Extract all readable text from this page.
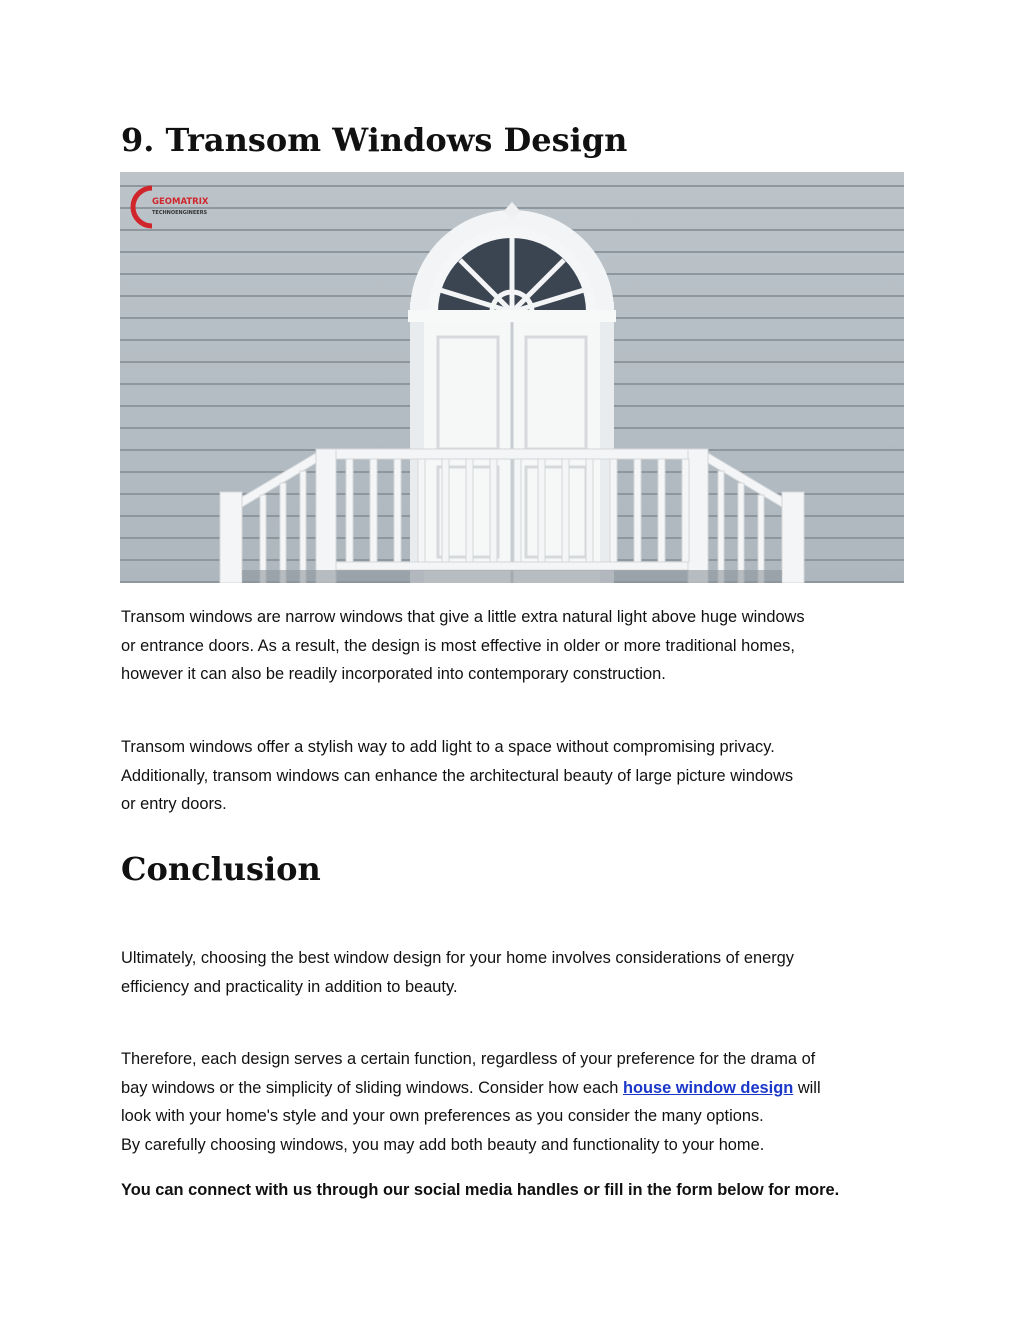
9. Transom Windows Design
GEOMATRIX
TECHNOENGINEERS

Transom windows are narrow windows that give a little extra natural light above huge windows
or entrance doors. As a result, the design is most effective in older or more traditional homes,
however it can also be readily incorporated into contemporary construction.

Transom windows offer a stylish way to add light to a space without compromising privacy.
Additionally, transom windows can enhance the architectural beauty of large picture windows
or entry doors.

Conclusion

Ultimately, choosing the best window design for your home involves considerations of energy
efficiency and practicality in addition to beauty.

Therefore, each design serves a certain function, regardless of your preference for the drama of
bay windows or the simplicity of sliding windows. Consider how each house window design will
look with your home's style and your own preferences as you consider the many options.
By carefully choosing windows, you may add both beauty and functionality to your home.

You can connect with us through our social media handles or fill in the form below for more.
